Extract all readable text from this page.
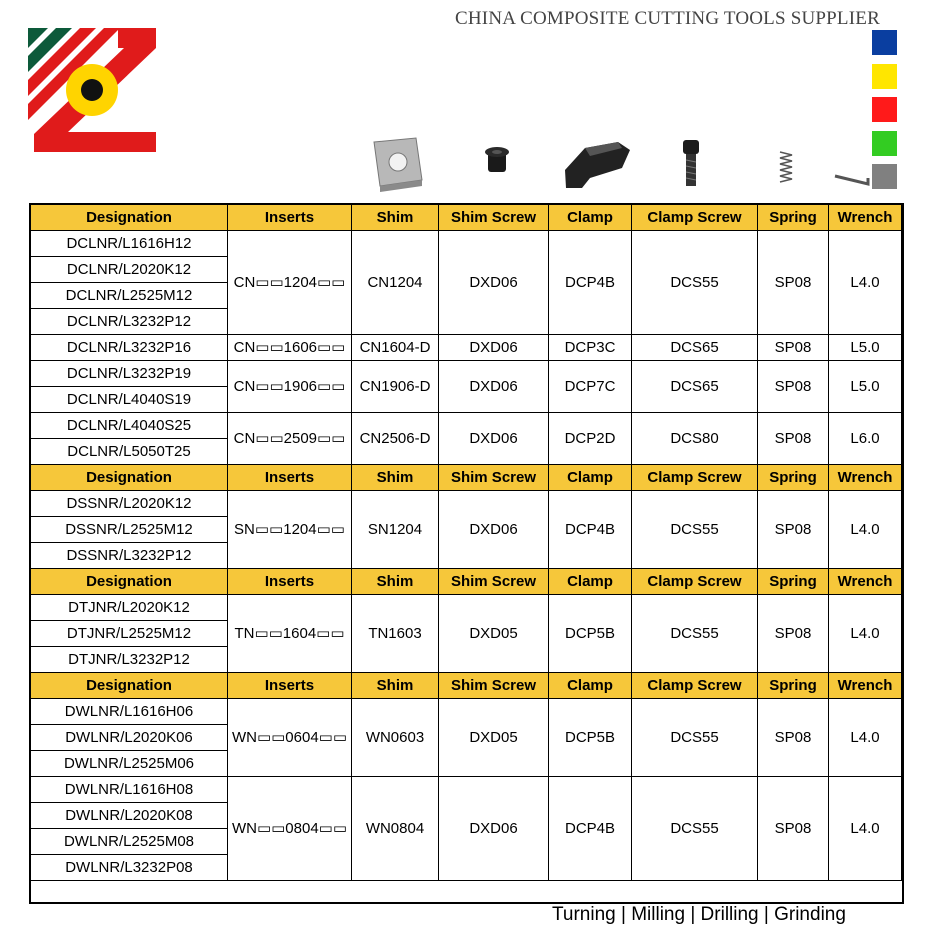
CHINA COMPOSITE CUTTING TOOLS SUPPLIER
Designation	Inserts	Shim	Shim Screw	Clamp	Clamp Screw	Spring	Wrench
DCLNR/L1616H12	CN▭▭1204▭▭	CN1204	DXD06	DCP4B	DCS55	SP08	L4.0
DCLNR/L2020K12							
DCLNR/L2525M12							
DCLNR/L3232P12							
DCLNR/L3232P16	CN▭▭1606▭▭	CN1604-D	DXD06	DCP3C	DCS65	SP08	L5.0
DCLNR/L3232P19	CN▭▭1906▭▭	CN1906-D	DXD06	DCP7C	DCS65	SP08	L5.0
DCLNR/L4040S19							
DCLNR/L4040S25	CN▭▭2509▭▭	CN2506-D	DXD06	DCP2D	DCS80	SP08	L6.0
DCLNR/L5050T25							
Designation	Inserts	Shim	Shim Screw	Clamp	Clamp Screw	Spring	Wrench
DSSNR/L2020K12	SN▭▭1204▭▭	SN1204	DXD06	DCP4B	DCS55	SP08	L4.0
DSSNR/L2525M12							
DSSNR/L3232P12							
Designation	Inserts	Shim	Shim Screw	Clamp	Clamp Screw	Spring	Wrench
DTJNR/L2020K12	TN▭▭1604▭▭	TN1603	DXD05	DCP5B	DCS55	SP08	L4.0
DTJNR/L2525M12							
DTJNR/L3232P12							
Designation	Inserts	Shim	Shim Screw	Clamp	Clamp Screw	Spring	Wrench
DWLNR/L1616H06	WN▭▭0604▭▭	WN0603	DXD05	DCP5B	DCS55	SP08	L4.0
DWLNR/L2020K06							
DWLNR/L2525M06							
DWLNR/L1616H08	WN▭▭0804▭▭	WN0804	DXD06	DCP4B	DCS55	SP08	L4.0
DWLNR/L2020K08							
DWLNR/L2525M08							
DWLNR/L3232P08							
Turning | Milling | Drilling | Grinding
